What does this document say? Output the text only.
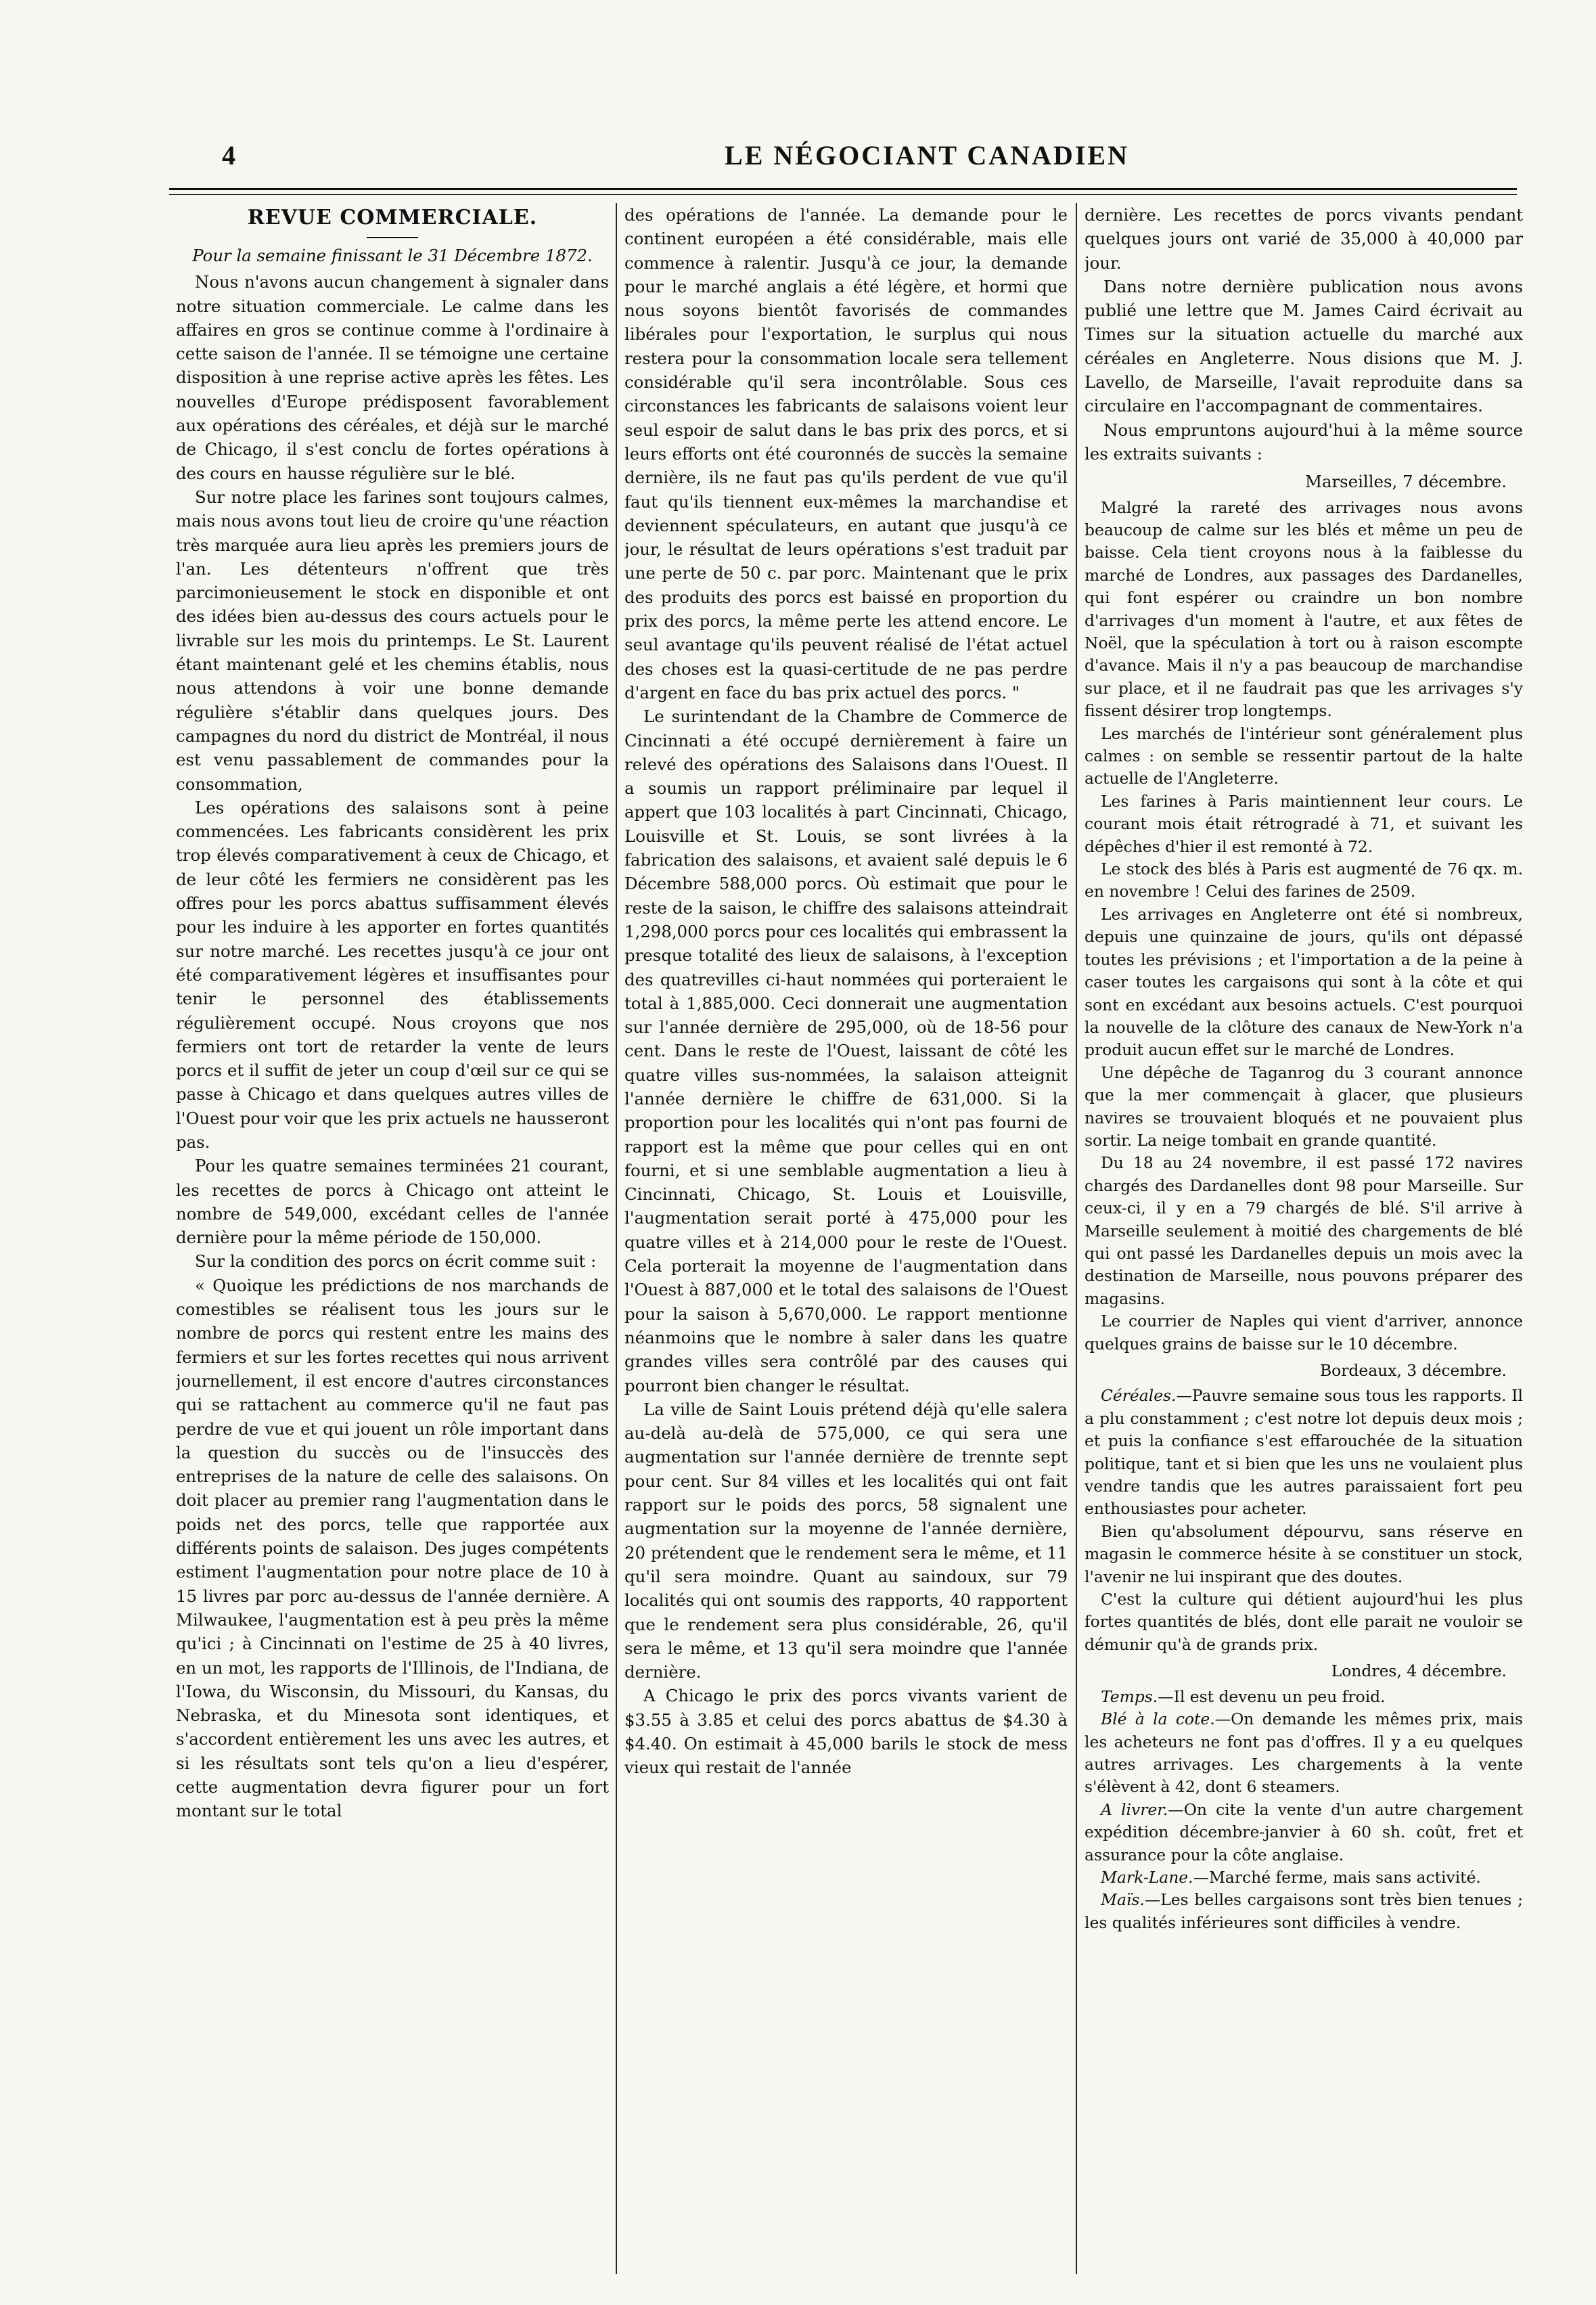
4	LE NÉGOCIANT CANADIEN
REVUE COMMERCIALE.

Pour la semaine finissant le 31 Décembre 1872.

Nous n'avons aucun changement à signaler dans notre situation commerciale. Le calme dans les affaires en gros se continue comme à l'ordinaire à cette saison de l'année. Il se témoigne une certaine disposition à une reprise active après les fêtes. Les nouvelles d'Europe prédisposent favorablement aux opérations des céréales, et déjà sur le marché de Chicago, il s'est conclu de fortes opérations à des cours en hausse régulière sur le blé.

Sur notre place les farines sont toujours calmes, mais nous avons tout lieu de croire qu'une réaction très marquée aura lieu après les premiers jours de l'an. Les détenteurs n'offrent que très parcimonieusement le stock en disponible et ont des idées bien au-dessus des cours actuels pour le livrable sur les mois du printemps. Le St. Laurent étant maintenant gelé et les chemins établis, nous nous attendons à voir une bonne demande régulière s'établir dans quelques jours. Des campagnes du nord du district de Montréal, il nous est venu passablement de commandes pour la consommation,

Les opérations des salaisons sont à peine commencées. Les fabricants considèrent les prix trop élevés comparativement à ceux de Chicago, et de leur côté les fermiers ne considèrent pas les offres pour les porcs abattus suffisamment élevés pour les induire à les apporter en fortes quantités sur notre marché. Les recettes jusqu'à ce jour ont été comparativement légères et insuffisantes pour tenir le personnel des établissements régulièrement occupé. Nous croyons que nos fermiers ont tort de retarder la vente de leurs porcs et il suffit de jeter un coup d'œil sur ce qui se passe à Chicago et dans quelques autres villes de l'Ouest pour voir que les prix actuels ne hausseront pas.

Pour les quatre semaines terminées 21 courant, les recettes de porcs à Chicago ont atteint le nombre de 549,000, excédant celles de l'année dernière pour la même période de 150,000.

Sur la condition des porcs on écrit comme suit :

« Quoique les prédictions de nos marchands de comestibles se réalisent tous les jours sur le nombre de porcs qui restent entre les mains des fermiers et sur les fortes recettes qui nous arrivent journellement, il est encore d'autres circonstances qui se rattachent au commerce qu'il ne faut pas perdre de vue et qui jouent un rôle important dans la question du succès ou de l'insuccès des entreprises de la nature de celle des salaisons. On doit placer au premier rang l'augmentation dans le poids net des porcs, telle que rapportée aux différents points de salaison. Des juges compétents estiment l'augmentation pour notre place de 10 à 15 livres par porc au-dessus de l'année dernière. A Milwaukee, l'augmentation est à peu près la même qu'ici ; à Cincinnati on l'estime de 25 à 40 livres, en un mot, les rapports de l'Illinois, de l'Indiana, de l'Iowa, du Wisconsin, du Missouri, du Kansas, du Nebraska, et du Minesota sont identiques, et s'accordent entièrement les uns avec les autres, et si les résultats sont tels qu'on a lieu d'espérer, cette augmentation devra figurer pour un fort montant sur le total

des opérations de l'année. La demande pour le continent européen a été considérable, mais elle commence à ralentir. Jusqu'à ce jour, la demande pour le marché anglais a été légère, et hormi que nous soyons bientôt favorisés de commandes libérales pour l'exportation, le surplus qui nous restera pour la consommation locale sera tellement considérable qu'il sera incontrôlable. Sous ces circonstances les fabricants de salaisons voient leur seul espoir de salut dans le bas prix des porcs, et si leurs efforts ont été couronnés de succès la semaine dernière, ils ne faut pas qu'ils perdent de vue qu'il faut qu'ils tiennent eux-mêmes la marchandise et deviennent spéculateurs, en autant que jusqu'à ce jour, le résultat de leurs opérations s'est traduit par une perte de 50 c. par porc. Maintenant que le prix des produits des porcs est baissé en proportion du prix des porcs, la même perte les attend encore. Le seul avantage qu'ils peuvent réalisé de l'état actuel des choses est la quasi-certitude de ne pas perdre d'argent en face du bas prix actuel des porcs. "

Le surintendant de la Chambre de Commerce de Cincinnati a été occupé dernièrement à faire un relevé des opérations des Salaisons dans l'Ouest. Il a soumis un rapport préliminaire par lequel il appert que 103 localités à part Cincinnati, Chicago, Louisville et St. Louis, se sont livrées à la fabrication des salaisons, et avaient salé depuis le 6 Décembre 588,000 porcs. Où estimait que pour le reste de la saison, le chiffre des salaisons atteindrait 1,298,000 porcs pour ces localités qui embrassent la presque totalité des lieux de salaisons, à l'exception des quatrevilles ci-haut nommées qui porteraient le total à 1,885,000. Ceci donnerait une augmentation sur l'année dernière de 295,000, où de 18-56 pour cent. Dans le reste de l'Ouest, laissant de côté les quatre villes sus-nommées, la salaison atteignit l'année dernière le chiffre de 631,000. Si la proportion pour les localités qui n'ont pas fourni de rapport est la même que pour celles qui en ont fourni, et si une semblable augmentation a lieu à Cincinnati, Chicago, St. Louis et Louisville, l'augmentation serait porté à 475,000 pour les quatre villes et à 214,000 pour le reste de l'Ouest. Cela porterait la moyenne de l'augmentation dans l'Ouest à 887,000 et le total des salaisons de l'Ouest pour la saison à 5,670,000. Le rapport mentionne néanmoins que le nombre à saler dans les quatre grandes villes sera contrôlé par des causes qui pourront bien changer le résultat.

La ville de Saint Louis prétend déjà qu'elle salera au-delà au-delà de 575,000, ce qui sera une augmentation sur l'année dernière de trennte sept pour cent. Sur 84 villes et les localités qui ont fait rapport sur le poids des porcs, 58 signalent une augmentation sur la moyenne de l'année dernière, 20 prétendent que le rendement sera le même, et 11 qu'il sera moindre. Quant au saindoux, sur 79 localités qui ont soumis des rapports, 40 rapportent que le rendement sera plus considérable, 26, qu'il sera le même, et 13 qu'il sera moindre que l'année dernière.

A Chicago le prix des porcs vivants varient de $3.55 à 3.85 et celui des porcs abattus de $4.30 à $4.40. On estimait à 45,000 barils le stock de mess vieux qui restait de l'année

dernière. Les recettes de porcs vivants pendant quelques jours ont varié de 35,000 à 40,000 par jour.

Dans notre dernière publication nous avons publié une lettre que M. James Caird écrivait au Times sur la situation actuelle du marché aux céréales en Angleterre. Nous disions que M. J. Lavello, de Marseille, l'avait reproduite dans sa circulaire en l'accompagnant de commentaires.

Nous empruntons aujourd'hui à la même source les extraits suivants :

Marseilles, 7 décembre.

Malgré la rareté des arrivages nous avons beaucoup de calme sur les blés et même un peu de baisse. Cela tient croyons nous à la faiblesse du marché de Londres, aux passages des Dardanelles, qui font espérer ou craindre un bon nombre d'arrivages d'un moment à l'autre, et aux fêtes de Noël, que la spéculation à tort ou à raison escompte d'avance. Mais il n'y a pas beaucoup de marchandise sur place, et il ne faudrait pas que les arrivages s'y fissent désirer trop longtemps.

Les marchés de l'intérieur sont généralement plus calmes : on semble se ressentir partout de la halte actuelle de l'Angleterre.

Les farines à Paris maintiennent leur cours. Le courant mois était rétrogradé à 71, et suivant les dépêches d'hier il est remonté à 72.

Le stock des blés à Paris est augmenté de 76 qx. m. en novembre ! Celui des farines de 2509.

Les arrivages en Angleterre ont été si nombreux, depuis une quinzaine de jours, qu'ils ont dépassé toutes les prévisions ; et l'importation a de la peine à caser toutes les cargaisons qui sont à la côte et qui sont en excédant aux besoins actuels. C'est pourquoi la nouvelle de la clôture des canaux de New-York n'a produit aucun effet sur le marché de Londres.

Une dépêche de Taganrog du 3 courant annonce que la mer commençait à glacer, que plusieurs navires se trouvaient bloqués et ne pouvaient plus sortir. La neige tombait en grande quantité.

Du 18 au 24 novembre, il est passé 172 navires chargés des Dardanelles dont 98 pour Marseille. Sur ceux-ci, il y en a 79 chargés de blé. S'il arrive à Marseille seulement à moitié des chargements de blé qui ont passé les Dardanelles depuis un mois avec la destination de Marseille, nous pouvons préparer des magasins.

Le courrier de Naples qui vient d'arriver, annonce quelques grains de baisse sur le 10 décembre.

Bordeaux, 3 décembre.

Céréales.—Pauvre semaine sous tous les rapports. Il a plu constamment ; c'est notre lot depuis deux mois ; et puis la confiance s'est effarouchée de la situation politique, tant et si bien que les uns ne voulaient plus vendre tandis que les autres paraissaient fort peu enthousiastes pour acheter.

Bien qu'absolument dépourvu, sans réserve en magasin le commerce hésite à se constituer un stock, l'avenir ne lui inspirant que des doutes.

C'est la culture qui détient aujourd'hui les plus fortes quantités de blés, dont elle parait ne vouloir se démunir qu'à de grands prix.

Londres, 4 décembre.

Temps.—Il est devenu un peu froid.

Blé à la cote.—On demande les mêmes prix, mais les acheteurs ne font pas d'offres. Il y a eu quelques autres arrivages. Les chargements à la vente s'élèvent à 42, dont 6 steamers.

A livrer.—On cite la vente d'un autre chargement expédition décembre-janvier à 60 sh. coût, fret et assurance pour la côte anglaise.

Mark-Lane.—Marché ferme, mais sans activité.

Maïs.—Les belles cargaisons sont très bien tenues ; les qualités inférieures sont difficiles à vendre.
